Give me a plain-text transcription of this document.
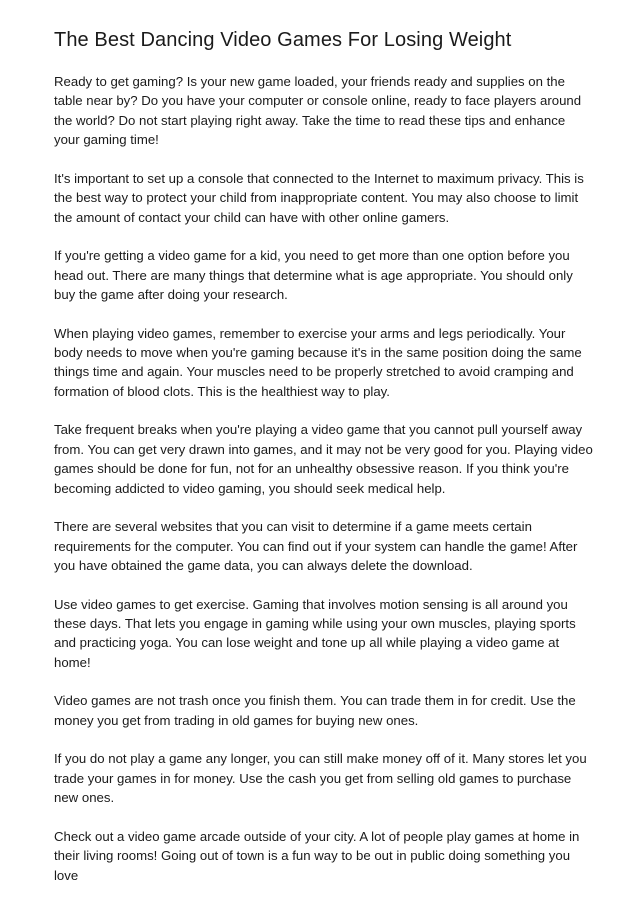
The Best Dancing Video Games For Losing Weight

Ready to get gaming? Is your new game loaded, your friends ready and supplies on the table near by? Do you have your computer or console online, ready to face players around the world? Do not start playing right away. Take the time to read these tips and enhance your gaming time!

It's important to set up a console that connected to the Internet to maximum privacy. This is the best way to protect your child from inappropriate content. You may also choose to limit the amount of contact your child can have with other online gamers.

If you're getting a video game for a kid, you need to get more than one option before you head out. There are many things that determine what is age appropriate. You should only buy the game after doing your research.

When playing video games, remember to exercise your arms and legs periodically. Your body needs to move when you're gaming because it's in the same position doing the same things time and again. Your muscles need to be properly stretched to avoid cramping and formation of blood clots. This is the healthiest way to play.

Take frequent breaks when you're playing a video game that you cannot pull yourself away from. You can get very drawn into games, and it may not be very good for you. Playing video games should be done for fun, not for an unhealthy obsessive reason. If you think you're becoming addicted to video gaming, you should seek medical help.

There are several websites that you can visit to determine if a game meets certain requirements for the computer. You can find out if your system can handle the game! After you have obtained the game data, you can always delete the download.

Use video games to get exercise. Gaming that involves motion sensing is all around you these days. That lets you engage in gaming while using your own muscles, playing sports and practicing yoga. You can lose weight and tone up all while playing a video game at home!

Video games are not trash once you finish them. You can trade them in for credit. Use the money you get from trading in old games for buying new ones.

If you do not play a game any longer, you can still make money off of it. Many stores let you trade your games in for money. Use the cash you get from selling old games to purchase new ones.

Check out a video game arcade outside of your city. A lot of people play games at home in their living rooms! Going out of town is a fun way to be out in public doing something you love
